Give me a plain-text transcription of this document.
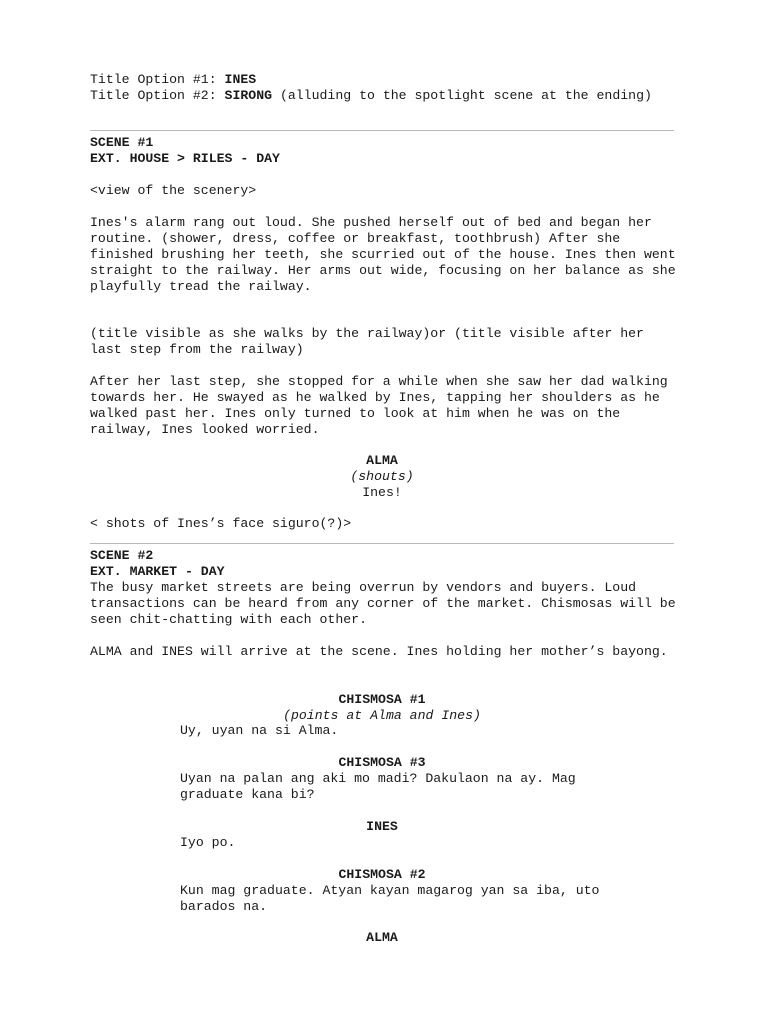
Title Option #1: INES
Title Option #2: SIRONG (alluding to the spotlight scene at the ending)
SCENE #1
EXT. HOUSE > RILES - DAY
<view of the scenery>
Ines's alarm rang out loud. She pushed herself out of bed and began her routine. (shower, dress, coffee or breakfast, toothbrush) After she finished brushing her teeth, she scurried out of the house. Ines then went straight to the railway. Her arms out wide, focusing on her balance as she playfully tread the railway.
(title visible as she walks by the railway)or (title visible after her last step from the railway)
After her last step, she stopped for a while when she saw her dad walking towards her. He swayed as he walked by Ines, tapping her shoulders as he walked past her. Ines only turned to look at him when he was on the railway, Ines looked worried.
ALMA
(shouts)
Ines!
< shots of Ines’s face siguro(?)>
SCENE #2
EXT. MARKET - DAY
The busy market streets are being overrun by vendors and buyers. Loud transactions can be heard from any corner of the market. Chismosas will be seen chit-chatting with each other.
ALMA and INES will arrive at the scene. Ines holding her mother’s bayong.
CHISMOSA #1
(points at Alma and Ines)
Uy, uyan na si Alma.
CHISMOSA #3
Uyan na palan ang aki mo madi? Dakulaon na ay. Mag graduate kana bi?
INES
Iyo po.
CHISMOSA #2
Kun mag graduate. Atyan kayan magarog yan sa iba, uto barados na.
ALMA
